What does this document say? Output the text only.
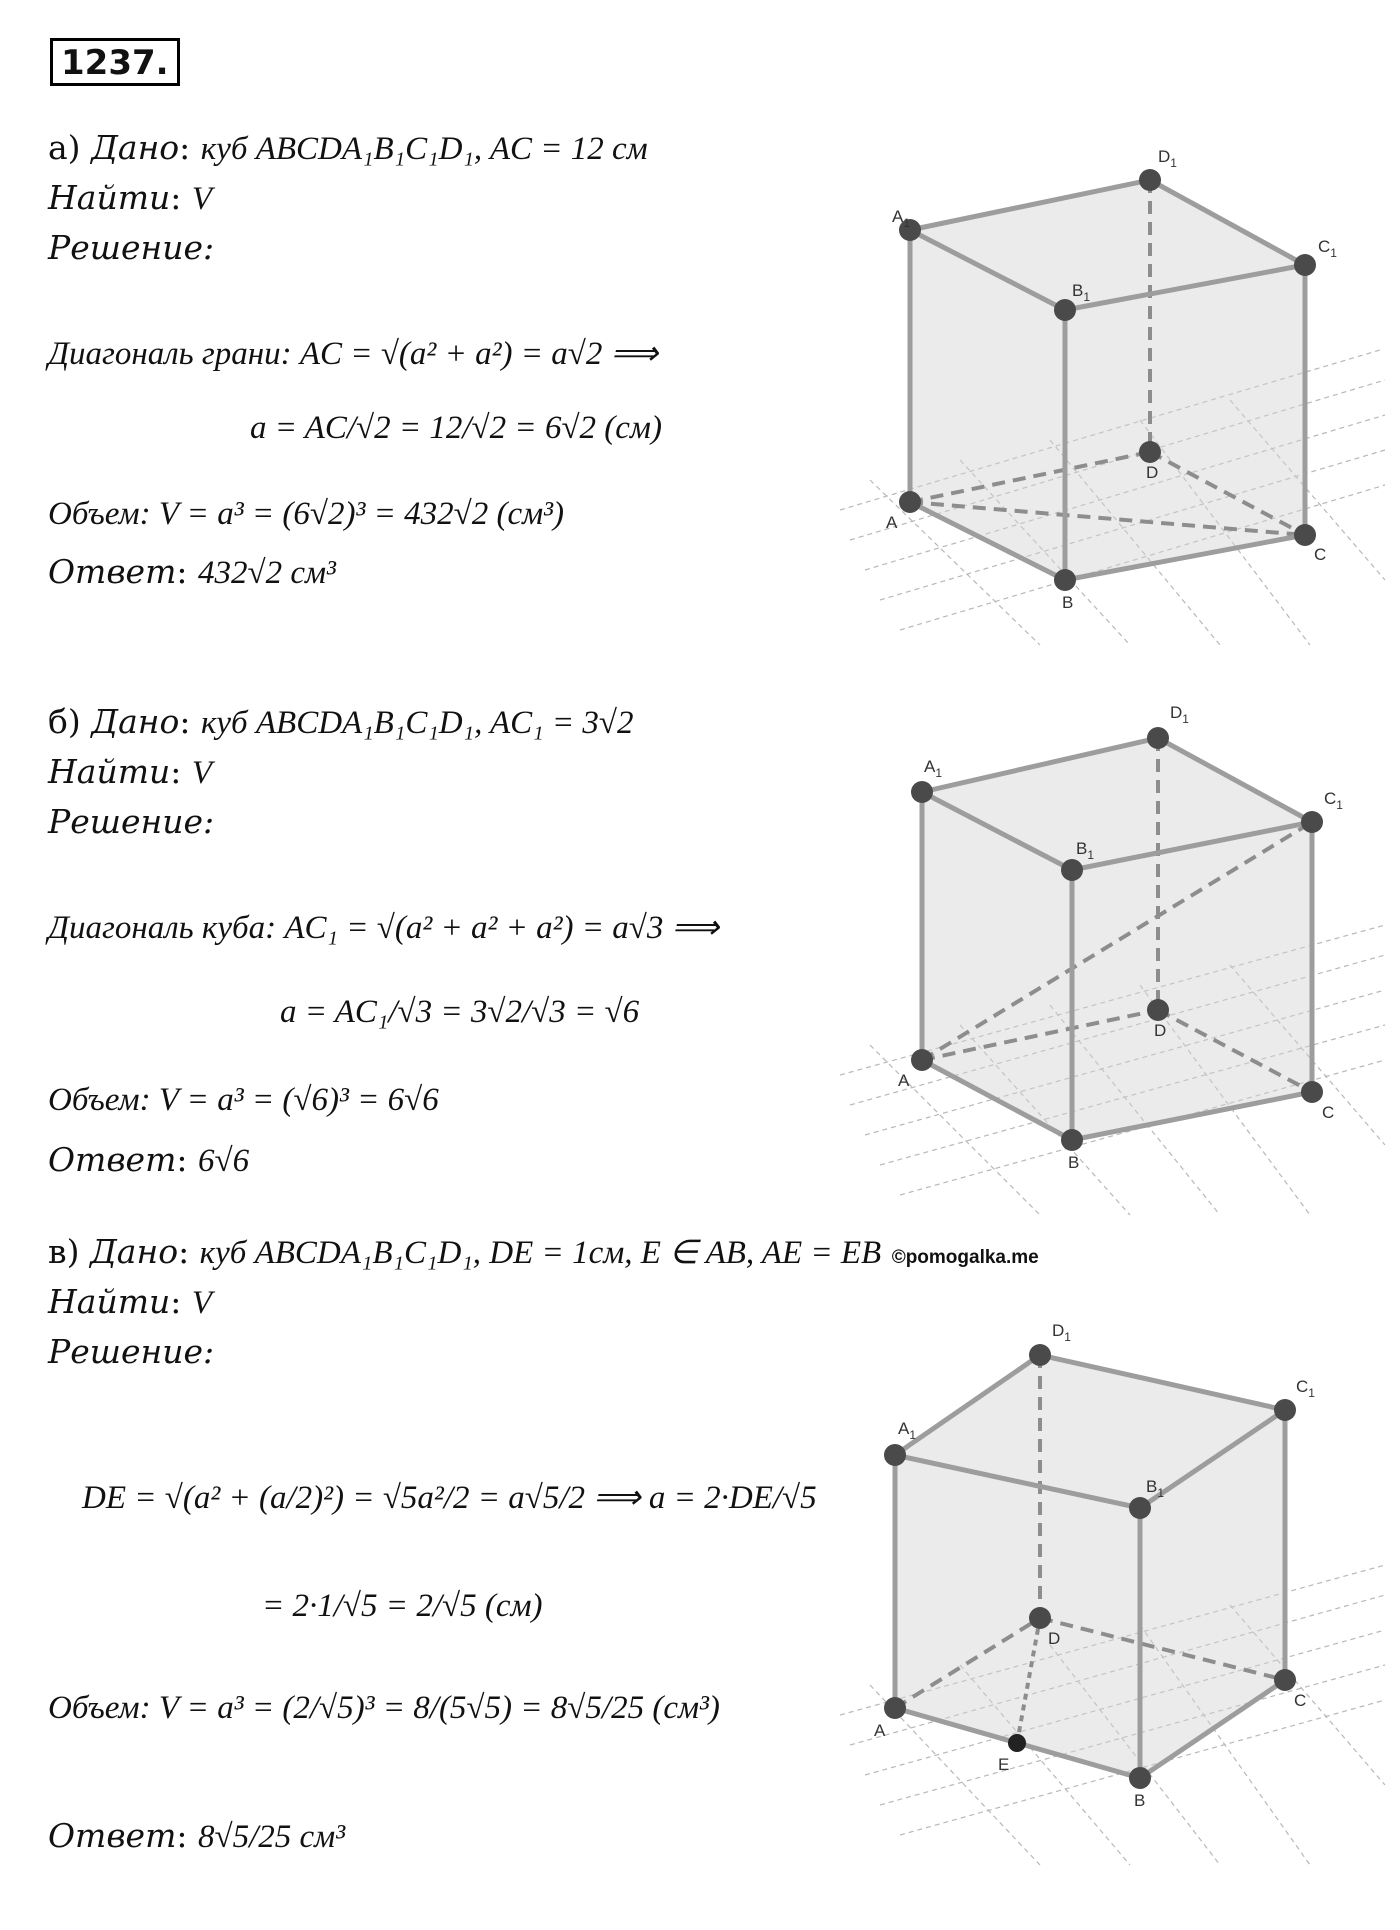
1237.
а) Дано: куб ABCDA₁B₁C₁D₁, AC = 12 см
Найти: V
Решение:
Диагональ грани: AC = √(a² + a²) = a√2 ⟹
a = AC/√2 = 12/√2 = 6√2 (см)
Объем: V = a³ = (6√2)³ = 432√2 (см³)
Ответ: 432√2 см³
$A_1$
$D_1$
$C_1$
$B_1$
A
D
C
B
б) Дано: куб ABCDA₁B₁C₁D₁, AC₁ = 3√2
Найти: V
Решение:
Диагональ куба: AC₁ = √(a² + a² + a²) = a√3 ⟹
a = AC₁/√3 = 3√2/√3 = √6
Объем: V = a³ = (√6)³ = 6√6
Ответ: 6√6
$A_1$
$D_1$
$C_1$
$B_1$
A
D
C
B
в) Дано: куб ABCDA₁B₁C₁D₁, DE = 1см, E ∈ AB, AE = EB ©pomogalka.me
Найти: V
Решение:
DE = √(a² + (a/2)²) = √5a²/2 = a√5/2 ⟹ a = 2·DE/√5
= 2·1/√5 = 2/√5 (см)
Объем: V = a³ = (2/√5)³ = 8/(5√5) = 8√5/25 (см³)
Ответ: 8√5/25 см³
$A_1$
$D_1$
$C_1$
$B_1$
A
D
C
B
E
